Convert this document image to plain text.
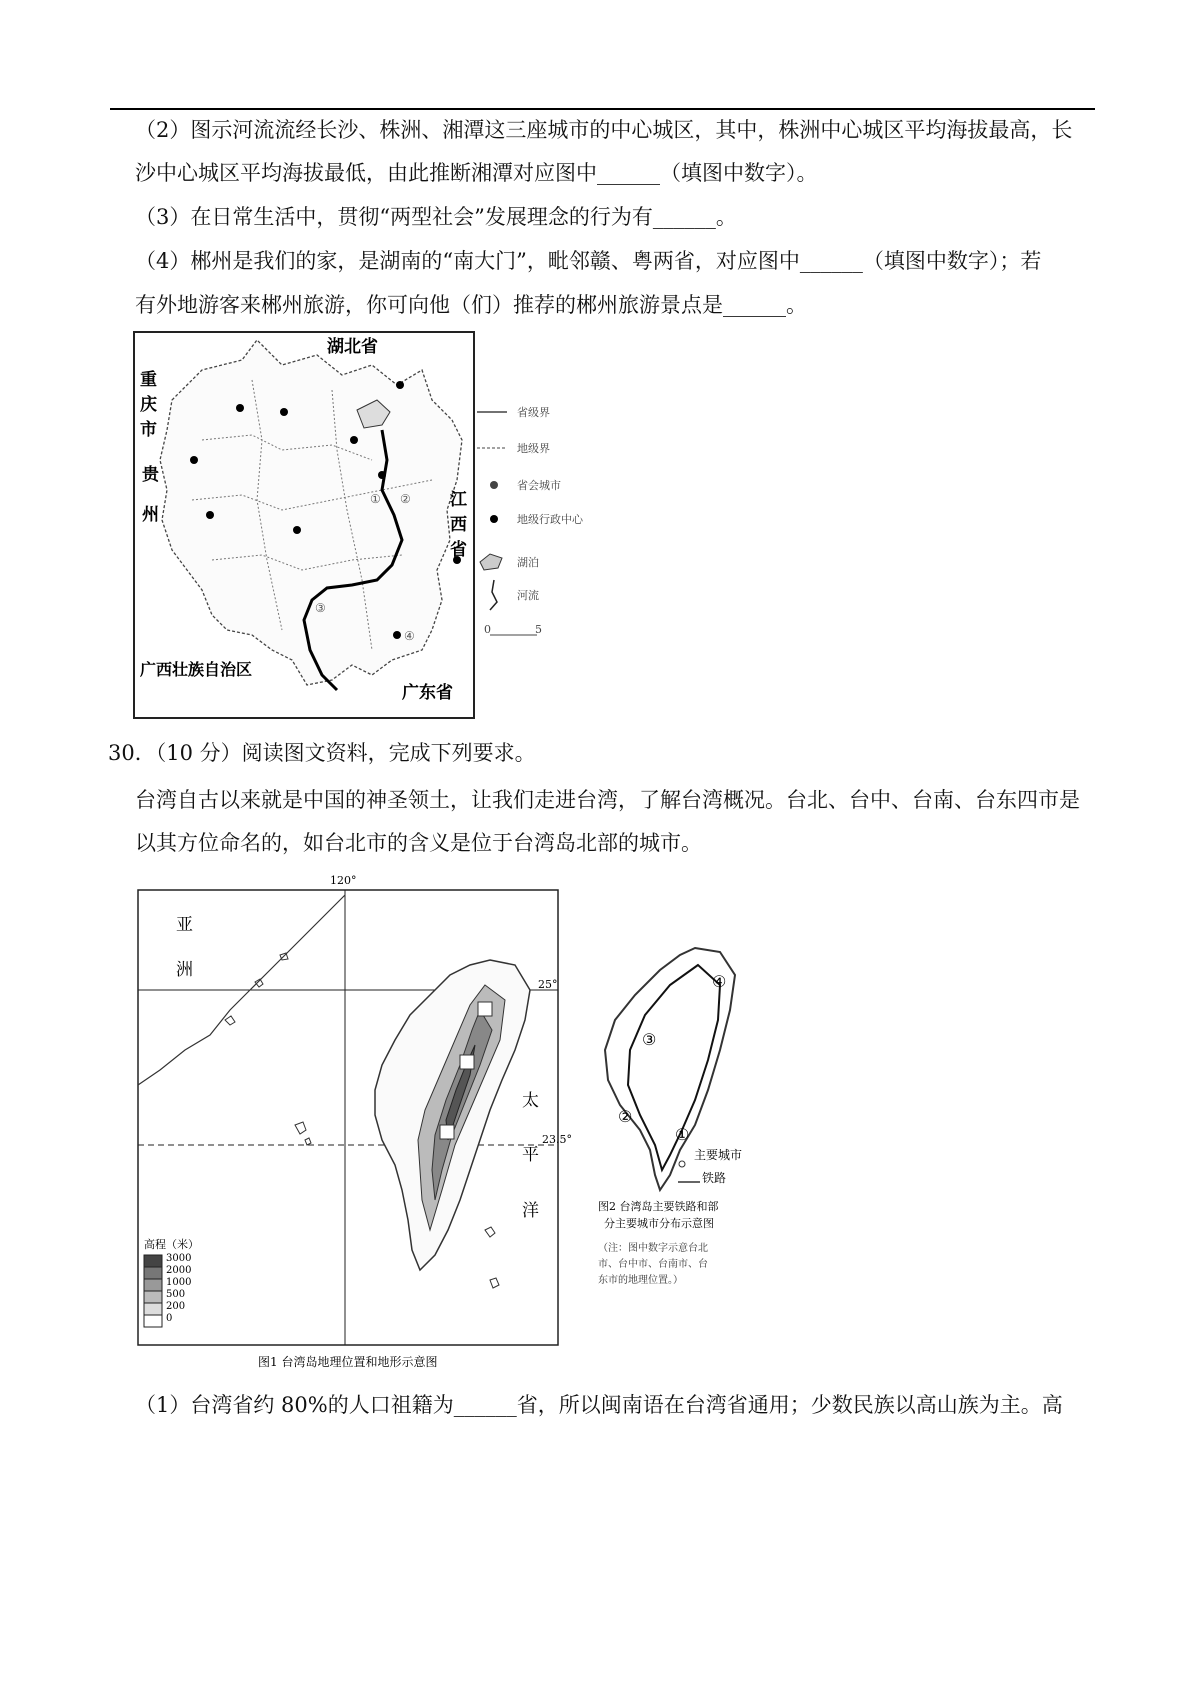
（2）图示河流流经长沙、株洲、湘潭这三座城市的中心城区，其中，株洲中心城区平均海拔最高，长
沙中心城区平均海拔最低，由此推断湘潭对应图中______（填图中数字）。
（3）在日常生活中，贯彻“两型社会”发展理念的行为有______。
（4）郴州是我们的家，是湖南的“南大门”，毗邻赣、粤两省，对应图中______（填图中数字）；若
有外地游客来郴州旅游，你可向他（们）推荐的郴州旅游景点是______。
① ②
③
④
湖北省
重
庆
市
贵
州
江
西
省
广西壮族自治区
广东省
省级界
地级界
省会城市
地级行政中心
湖泊
河流
0	5
30．（10 分）阅读图文资料，完成下列要求。
台湾自古以来就是中国的神圣领土，让我们走进台湾，了解台湾概况。台北、台中、台南、台东四市是
以其方位命名的，如台北市的含义是位于台湾岛北部的城市。
120°
25°
23.5°
亚
洲
太
平
洋
高程（米）
3000
2000
1000
500
200
0
图1 台湾岛地理位置和地形示意图
④
③
②
①
主要城市
铁路
图2 台湾岛主要铁路和部
分主要城市分布示意图
（注：图中数字示意台北
市、台中市、台南市、台
东市的地理位置。）
（1）台湾省约 80%的人口祖籍为______省，所以闽南语在台湾省通用；少数民族以高山族为主。高
